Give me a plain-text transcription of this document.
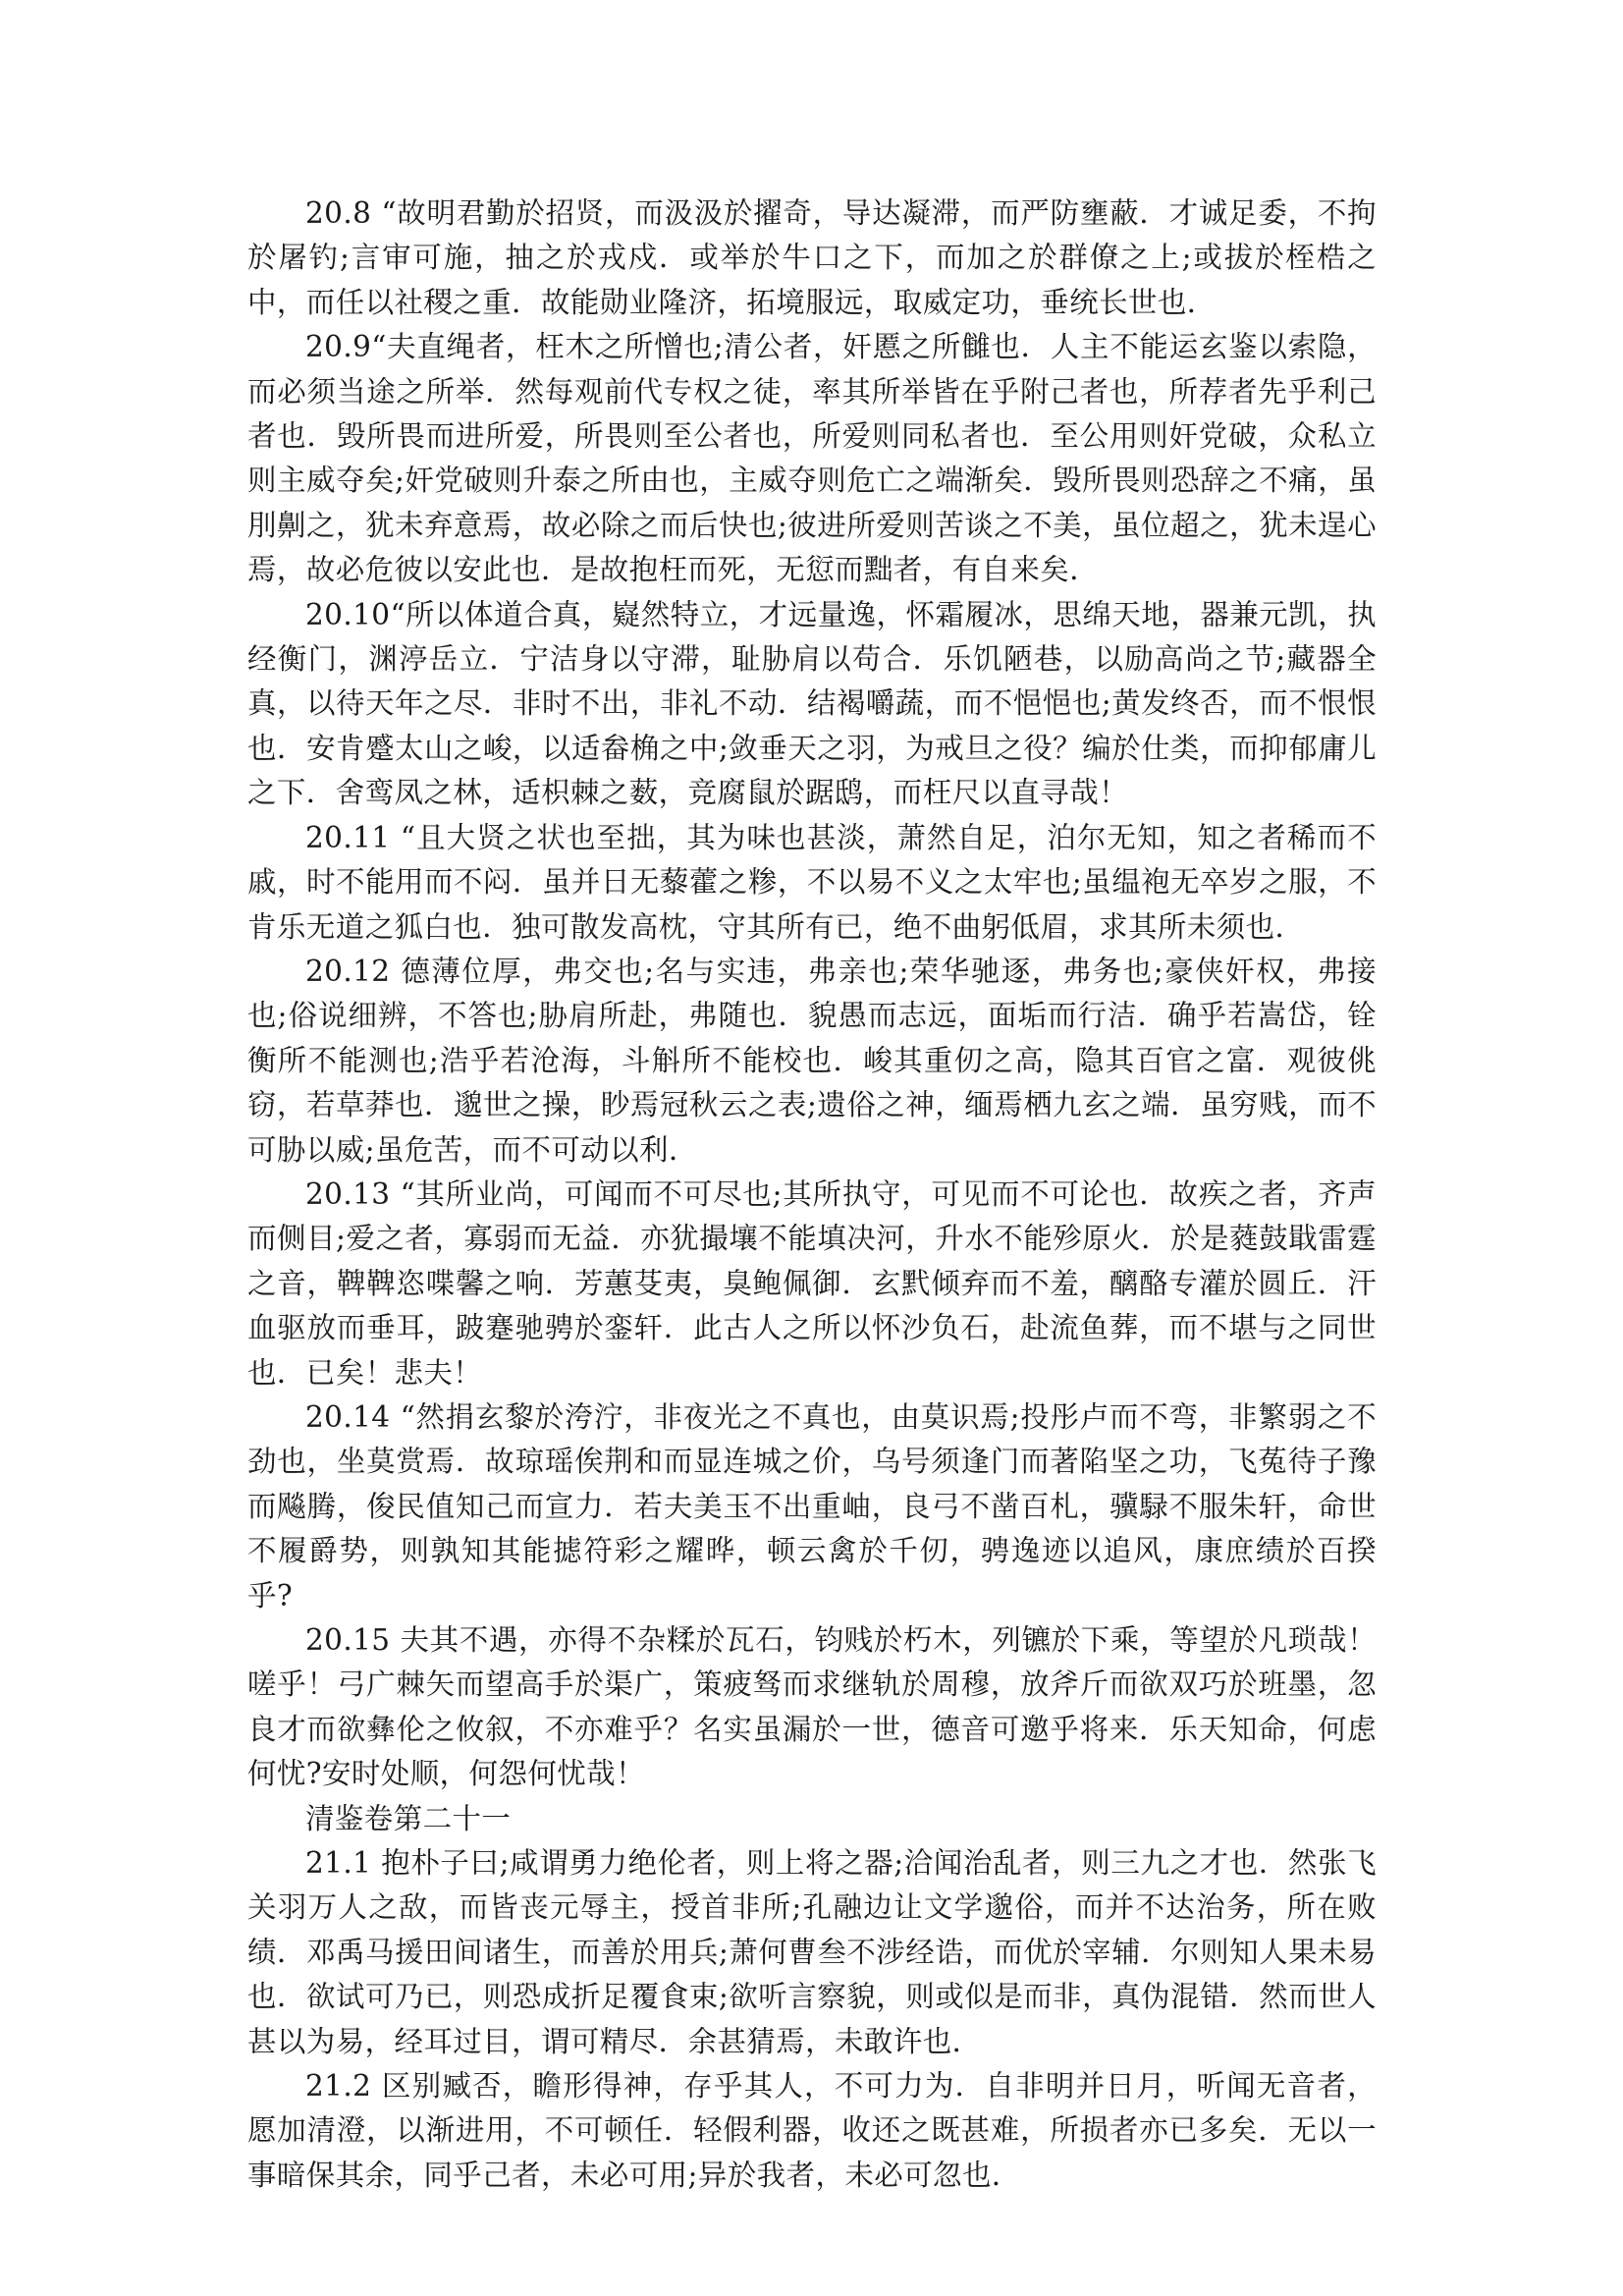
20.8 “故明君勤於招贤，而汲汲於擢奇，导达凝滞，而严防壅蔽．才诚足委，不拘於屠钓;言审可施，抽之於戎戍．或举於牛口之下，而加之於群僚之上;或拔於桎梏之中，而任以社稷之重．故能勋业隆济，拓境服远，取威定功，垂统长世也．

20.9“夫直绳者，枉木之所憎也;清公者，奸慝之所雠也．人主不能运玄鉴以索隐，而必须当途之所举．然每观前代专权之徒，率其所举皆在乎附己者也，所荐者先乎利己者也．毁所畏而进所爱，所畏则至公者也，所爱则同私者也．至公用则奸党破，众私立则主威夺矣;奸党破则升泰之所由也，主威夺则危亡之端渐矣．毁所畏则恐辞之不痛，虽刖劓之，犹未弃意焉，故必除之而后快也;彼进所爱则苦谈之不美，虽位超之，犹未逞心焉，故必危彼以安此也．是故抱枉而死，无愆而黜者，有自来矣．

20.10“所以体道合真，嶷然特立，才远量逸，怀霜履冰，思绵天地，器兼元凯，执经衡门，渊渟岳立．宁洁身以守滞，耻胁肩以苟合．乐饥陋巷，以励高尚之节;藏器全真，以待天年之尽．非时不出，非礼不动．结褐嚼蔬，而不悒悒也;黄发终否，而不恨恨也．安肯蹙太山之峻，以适畚桷之中;敛垂天之羽，为戒旦之役？编於仕类，而抑郁庸儿之下．舍鸾凤之林，适枳棘之薮，竞腐鼠於踞鸱，而枉尺以直寻哉！

20.11 “且大贤之状也至拙，其为味也甚淡，萧然自足，泊尔无知，知之者稀而不戚，时不能用而不闷．虽并日无藜藿之糁，不以易不义之太牢也;虽缊袍无卒岁之服，不肯乐无道之狐白也．独可散发高枕，守其所有已，绝不曲躬低眉，求其所未须也．

20.12 德薄位厚，弗交也;名与实违，弗亲也;荣华驰逐，弗务也;豪侠奸权，弗接也;俗说细辨，不答也;胁肩所赴，弗随也．貌愚而志远，面垢而行洁．确乎若嵩岱，铨衡所不能测也;浩乎若沧海，斗斛所不能校也．峻其重仞之高，隐其百官之富．观彼佻窃，若草莽也．邈世之操，眇焉冠秋云之表;遗俗之神，缅焉栖九玄之端．虽穷贱，而不可胁以威;虽危苦，而不可动以利．

20.13 “其所业尚，可闻而不可尽也;其所执守，可见而不可论也．故疾之者，齐声而侧目;爱之者，寡弱而无益．亦犹撮壤不能填决河，升水不能殄原火．於是蕤鼓戢雷霆之音，鞞鞞恣喋馨之响．芳蕙芟夷，臭鲍佩御．玄黓倾弃而不羞，醨酪专灌於圆丘．汗血驱放而垂耳，跛蹇驰骋於銮轩．此古人之所以怀沙负石，赴流鱼葬，而不堪与之同世也．已矣！悲夫！

20.14 “然捐玄黎於洿泞，非夜光之不真也，由莫识焉;投彤卢而不弯，非繁弱之不劲也，坐莫赏焉．故琼瑶俟荆和而显连城之价，乌号须逢门而著陷坚之功，飞菟待子豫而飚腾，俊民值知己而宣力．若夫美玉不出重岫，良弓不凿百札，骥騄不服朱轩，命世不履爵势，则孰知其能摅符彩之耀晔，顿云禽於千仞，骋逸迹以追风，康庶绩於百揆乎?

20.15 夫其不遇，亦得不杂糅於瓦石，钧贱於朽木，列镳於下乘，等望於凡琐哉！嗟乎！弓广棘矢而望高手於渠广，策疲驽而求继轨於周穆，放斧斤而欲双巧於班墨，忽良才而欲彝伦之攸叙，不亦难乎？名实虽漏於一世，德音可邀乎将来．乐天知命，何虑何忧?安时处顺，何怨何忧哉！

清鉴卷第二十一

21.1 抱朴子曰;咸谓勇力绝伦者，则上将之器;洽闻治乱者，则三九之才也．然张飞关羽万人之敌，而皆丧元辱主，授首非所;孔融边让文学邈俗，而并不达治务，所在败绩．邓禹马援田间诸生，而善於用兵;萧何曹叁不涉经诰，而优於宰辅．尔则知人果未易也．欲试可乃已，则恐成折足覆食束;欲听言察貌，则或似是而非，真伪混错．然而世人甚以为易，经耳过目，谓可精尽．余甚猜焉，未敢许也．

21.2 区别臧否，瞻形得神，存乎其人，不可力为．自非明并日月，听闻无音者，愿加清澄，以渐进用，不可顿任．轻假利器，收还之既甚难，所损者亦已多矣．无以一事暗保其余，同乎己者，未必可用;异於我者，未必可忽也．
